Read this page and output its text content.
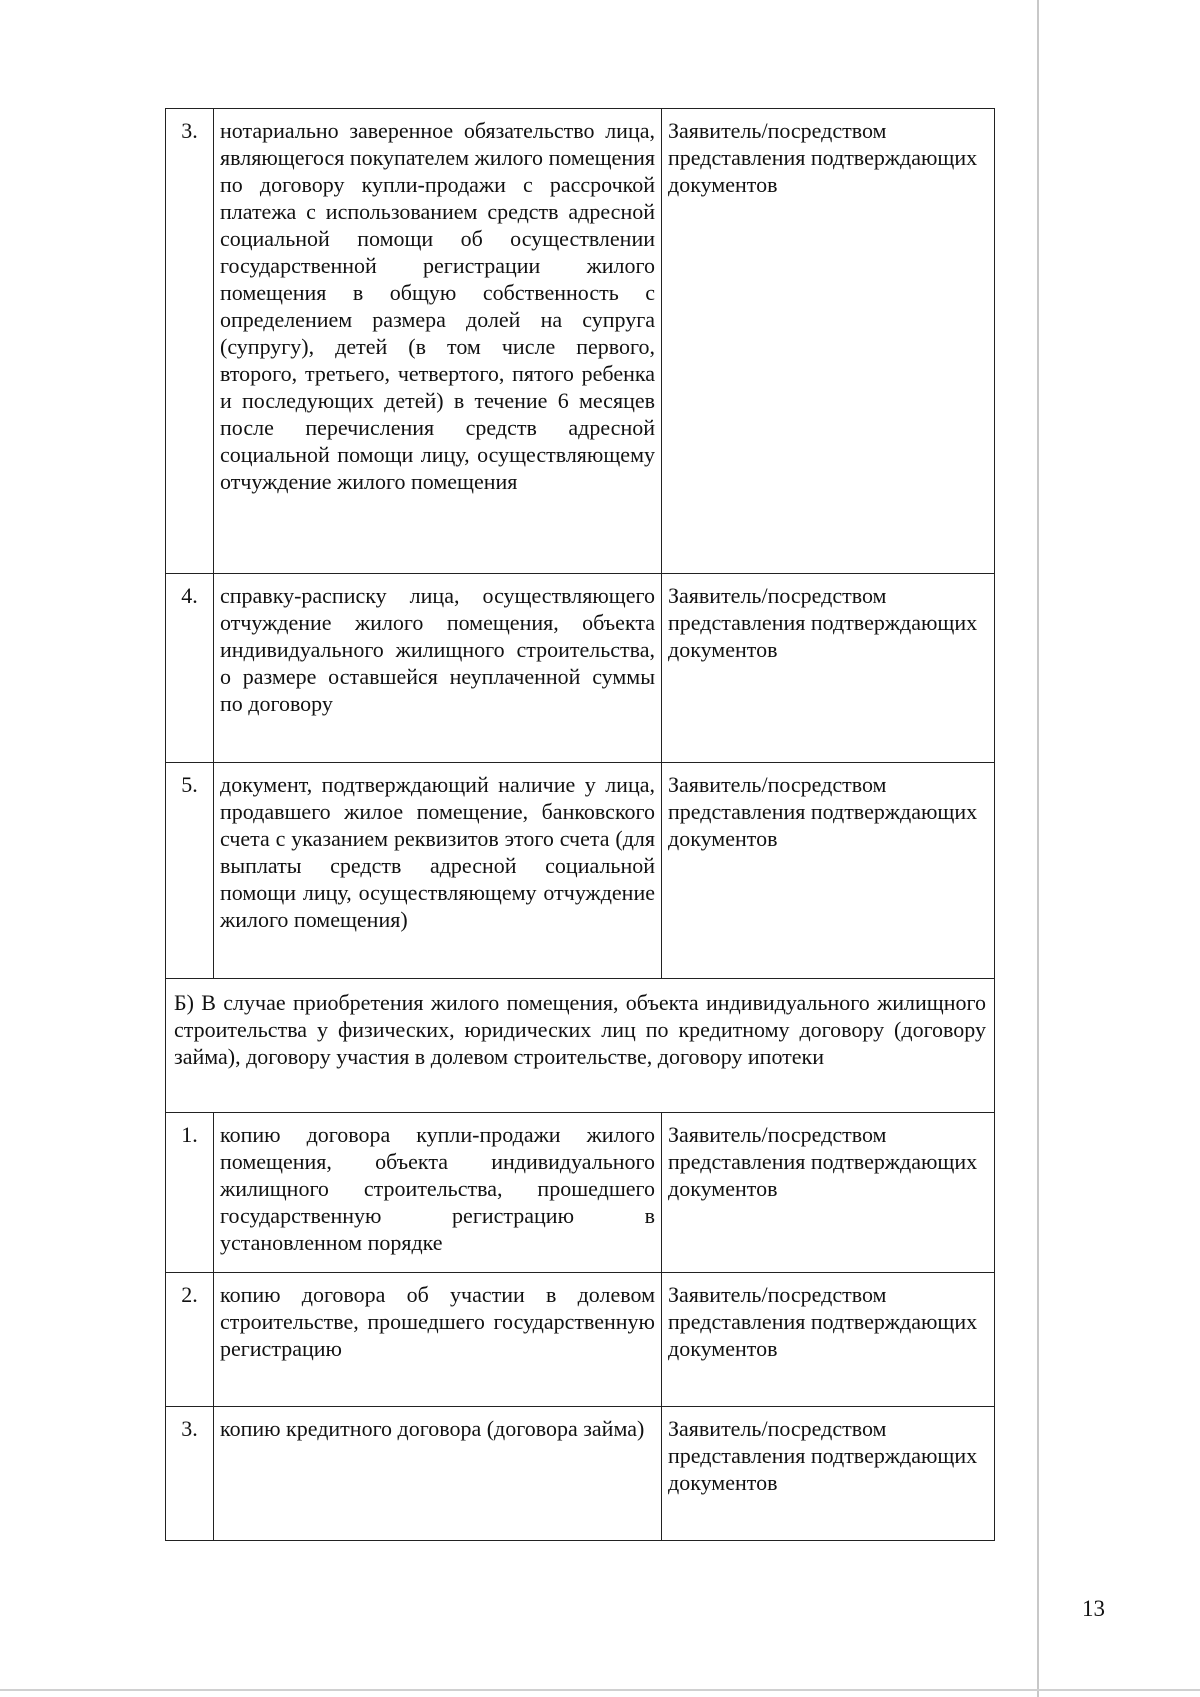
3.	нотариально заверенное обязательство лица, являющегося покупателем жилого помещения по договору купли-продажи с рассрочкой платежа с использованием средств адресной социальной помощи об осуществлении государственной регистрации жилого помещения в общую собственность с определением размера долей на супруга (супругу), детей (в том числе первого, второго, третьего, четвертого, пятого ребенка и последующих детей) в течение 6 месяцев после перечисления средств адресной социальной помощи лицу, осуществляющему отчуждение жилого помещения	Заявитель/посредством представления подтверждающих документов
4.	справку-расписку лица, осуществляющего отчуждение жилого помещения, объекта индивидуального жилищного строительства, о размере оставшейся неуплаченной суммы по договору	Заявитель/посредством представления подтверждающих документов
5.	документ, подтверждающий наличие у лица, продавшего жилое помещение, банковского счета с указанием реквизитов этого счета (для выплаты средств адресной социальной помощи лицу, осуществляющему отчуждение жилого помещения)	Заявитель/посредством представления подтверждающих документов
Б) В случае приобретения жилого помещения, объекта индивидуального жилищного строительства у физических, юридических лиц по кредитному договору (договору займа), договору участия в долевом строительстве, договору ипотеки		
1.	копию договора купли-продажи жилого помещения, объекта индивидуального жилищного строительства, прошедшего государственную регистрацию в установленном порядке	Заявитель/посредством представления подтверждающих документов
2.	копию договора об участии в долевом строительстве, прошедшего государственную регистрацию	Заявитель/посредством представления подтверждающих документов
3.	копию кредитного договора (договора займа)	Заявитель/посредством представления подтверждающих документов
13
